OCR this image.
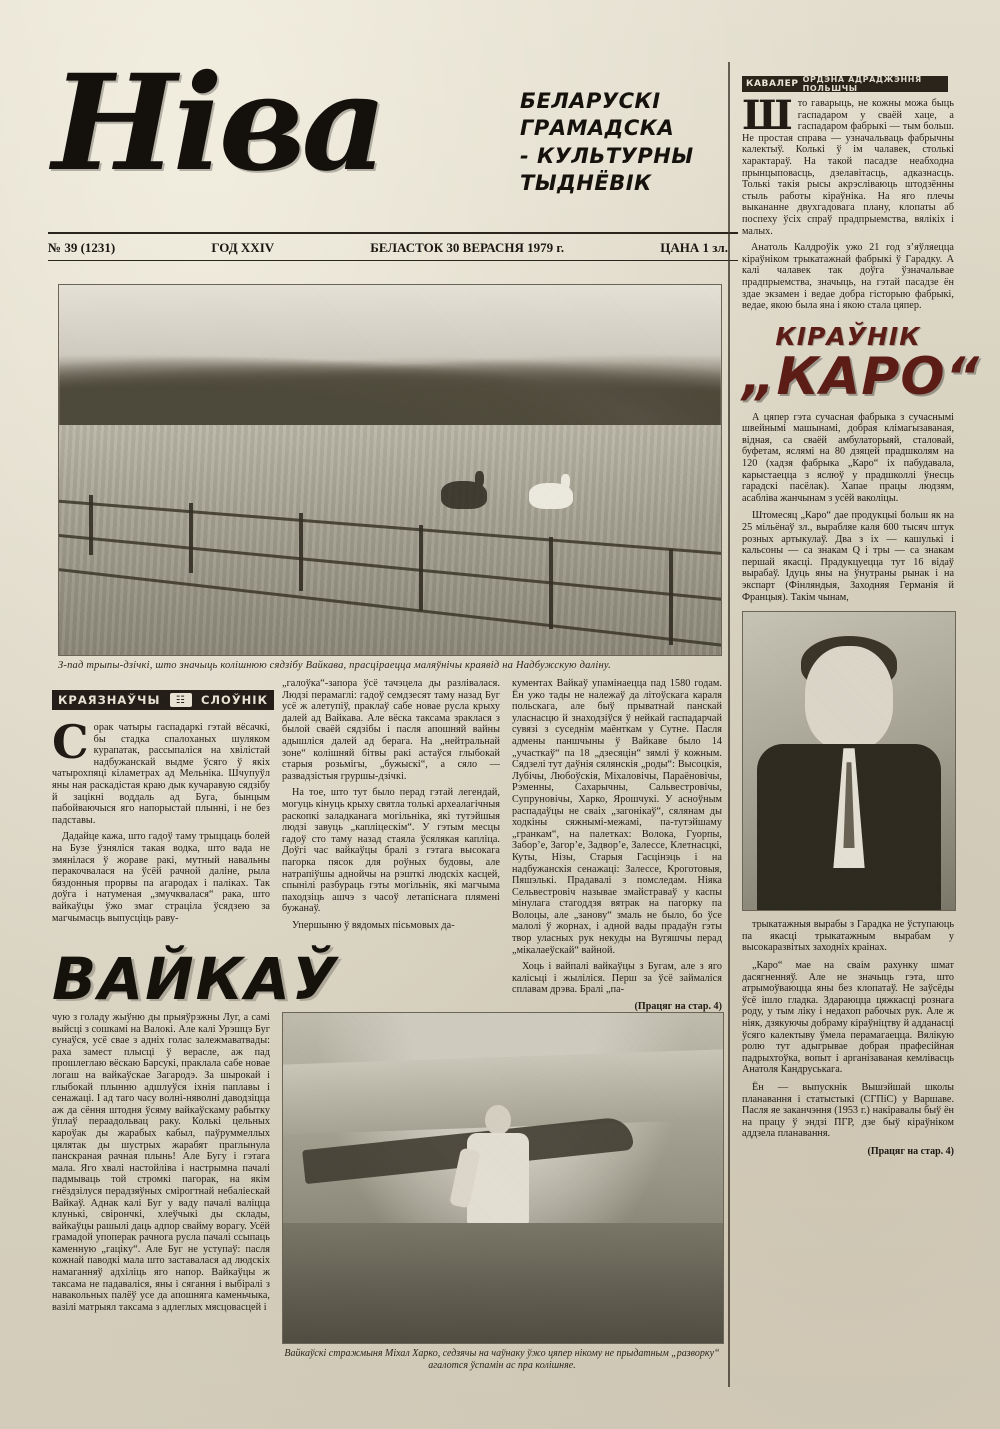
Ніва	БЕЛАРУСКІ
ГРАМАДСКА
- КУЛЬТУРНЫ
ТЫДНЁВІК
№ 39 (1231)	ГОД XXIV	БЕЛАСТОК 30 ВЕРАСНЯ 1979 г.	ЦАНА 1 зл.
З-пад трыпы-дзічкі, што значыць колішнюю сядзібу Вайкава, прасціраецца маляўнічы краявід на Надбужскую даліну.
КРАЯЗНАЎЧЫ	☷	СЛОЎНІК

Сорак чатыры гаспадаркі гэтай вёсачкі, бы стадка спалоханых шуляком курапатак, рассыпаліся на хвілістай надбужанскай выдме ўсяго ў якіх чатырохпяці кіламетрах ад Мельніка. Шчупуўл яны ная раскадістая краю дык кучаравую сядзібу й зацікні воддаль ад Буга, бынцым пабойваючыся яго напорыстай плынні, і не без падставы.

Дадайце кажа, што гадоў таму трыццаць болей на Бузе ўзняліся такая водка, што вада не змянілася ў жораве ракі, мутный навальны перакочвалася на ўсёй рачной даліне, рыла бяздонныя прорвы па агародах і паліках. Так доўга і натуменая „змучквалася“ рака, што вайкаўцы ўжо змаг страціла ўсядзею за магчымасць выпусціць раву-

„галоўка“-запора ўсё тачэцела ды разлівалася. Людзі перамаглі: гадоў семдзесят таму назад Буг усё ж алетупіў, праклаў сабе новае русла крыху далей ад Вайкава. Але вёска таксама зраклася з былой сваёй сядзібы і пасля апошняй вайны адышліся далей ад берага. На „нейтральнай зоне“ колішняй бітвы ракі астаўся глыбокай старыя розьмігы, „бужыскі“, а сяло — развадзістыя груршы-дзічкі.

На тое, што тут было перад гэтай легендай, могуць кінуць крыху святла толькі археалагічныя раскопкі заладканага могільніка, які тутэйшыя людзі завуць „капліцескім“. У гэтым месцы гадоў сто таму назад стаяла ўсялякая капліца. Доўгі час вайкаўцы бралі з гэтага высокага пагорка пясок для роўных будовы, але натрапіўшы аднойчы на рэшткі людскіх касцей, спынілі разбураць гэты могільнік, які магчыма паходзіць ашчэ з часоў летапіснага плямені бужанаў.

Упершыню ў вядомых пісьмовых да-

кументах Вайкаў упамінаецца пад 1580 годам. Ён ужо тады не належаў да літоўскага караля польскага, але быў прыватнай панскай уласнасцю й знаходзіўся ў нейкай гаспадарчай сувязі з суседнім маёнткам у Сутне. Пасля адмены паншчыны ў Вайкаве было 14 „участкаў“ па 18 „дзесяцін“ зямлі ў кожным. Сядзелі тут даўнія сялянскія „роды“: Высоцкія, Лубічы, Любоўскія, Міхаловічы, Параёновічы, Рэменны, Сахарычны, Сальвестровічы, Супруновічы, Харко, Ярошчукі. У асноўным распадаўцы не сваіх „загонікаў“, сялянам ды ходкіны сяжнымі-межамі, па-тутэйшаму „гранкам“, на палетках: Волока, Гуорпы, Забор’е, Загор’е, Задвор’е, Залессе, Клетнасцкі, Куты, Нізы, Старыя Гасцінэць і на надбужанскія сенажаці: Залессе, Кроготовыя, Пяшэлькі. Прадавалі з помследам. Ніяка Сельвестровіч называе змайстраваў у каспы мінулага стагоддзя вятрак на пагорку па Волоцы, але „занову“ змаль не было, бо ўсе малолі ў жорнах, і адной вады прадаўн гэты твор уласных рук некуды на Вугяшчы перад „мікалаеўскай“ вайной.

Хоць і вайпалі вайкаўцы з Бугам, але з яго калісьці і жыліліся. Перш за ўсё займаліся сплавам дрэва. Бралі „па-

(Працяг на стар. 4)
ВАЙКАЎ

чую з голаду жыўню ды прыяўрэжны Луг, а самі выйсці з сошкамі на Валокі. Але калі Урэшцэ Буг сунаўся, усё свае з адніх голас залежмаватвады: раха замест плысці ў верасле, аж пад прошлеглаю вёскаю Барсукі, праклала сабе новае логаш на вайкаўскае Загародэ. За шырокай і глыбокай плынню адшлуўся іхнія паплавы і сенажаці. І ад таго часу волні-няволні даводзіцца аж да сёння штодня ўсяму вайкаўскаму рабытку ўплаў пераадольвац раку. Колькі цельных кароўак ды жарабых кабыл, паўруммеллых цялятак ды шустрых жарабят праглынула панскраная рачная плынь! Але Бугу і гэтага мала. Яго хвалі настойліва і настрымна пачалі падмываць той стромкі пагорак, на якім гнёздзілуся перадзяўных смірогтнай небаліескай Вайкаў. Аднак калі Буг у ваду пачалі валіцца клунькі, свірончкі, хлеўчыкі ды склады, вайкаўцы рашылі даць адпор свайму ворагу. Усёй грамадой упоперак рачнога русла пачалі ссыпаць каменную „гаціку“. Але Буг не уступаў: пасля кожнай паводкі мала што заставалася ад людскіх намаганняў адхіліць яго напор. Вайкаўцы ж таксама не падаваліся, яны і сягання і выбіралі з навакольных палёў усе да апошняга каменьчыка, вазілі матрыял таксама з адлеглых мясцовасцей і

Вайкаўскі стражмыня Міхал Харко, седзячы на чаўнаку ўжо цяпер нікому не прыдатным „разворку“ агалотся ўспамін ас пра колішняе.
КАВАЛЕР ОРДЭНА АДРАДЖЭННЯ ПОЛЬШЧЫ

Што гаварыць, не кожны можа быць гаспадаром у сваёй хаце, а гаспадаром фабрыкі — тым больш. Не простая справа — узначальваць фабрычны калектыў. Колькі ў ім чалавек, столькі характараў. На такой пасадзе неабходна прынцыповасць, дзелавітасць, адказнасць. Толькі такія рысы акрэсліваюць штодзённы стыль работы кіраўніка. На яго плечы выкананне двухгадовага плану, клопаты аб поспеху ўсіх спраў прадпрыемства, вялікіх і малых.

Анатоль Калдроўік ужо 21 год з’яўляецца кіраўніком трыкатажнай фабрыкі ў Гарадку. А калі чалавек так доўга ўзначальвае прадпрыемства, значыць, на гэтай пасадзе ён здае экзамен і ведае добра гісторыю фабрыкі, ведае, якою была яна і якою стала цяпер.

КІРАЎНІК
„КАРО“

А цяпер гэта сучасная фабрыка з сучаснымі швейнымі машынамі, добрая клімагызаваная, відная, са сваёй амбулаторыяй, сталовай, буфетам, яслямі на 80 дзяцей прадшколям на 120 (хадзя фабрыка „Каро“ іх пабудавала, карыстаецца з яслюў у прадшколлі ўнесць гарадскі пасёлак). Хапае працы людзям, асабліва жанчынам з усёй ваколіцы.

Штомесяц „Каро“ дае продукцыі больш як на 25 мільёнаў зл., вырабляе каля 600 тысяч штук розных артыкулаў. Два з іх — кашулькі і кальсоны — са знакам Q і тры — са знакам першай якасці. Прадукцуецца тут 16 відаў вырабаў. Ідуць яны на ўнутраны рынак і на экспарт (Фінляндыя, Заходняя Германія й Францыя). Такім чынам,

трыкатажныя вырабы з Гарадка не ўступаюць па якасці трыкатажным вырабам у высокаразвітых заходніх краінах.

„Каро“ мае на сваім рахунку шмат дасягненняў. Але не значыць гэта, што атрымоўваюцца яны без клопатаў. Не заўсёды ўсё ішло гладка. Здараюцца цяжкасці рознага роду, у тым ліку і недахоп рабочых рук. Але ж ніяк, дзякуючы добраму кіраўніцтву й адданасці ўсяго калектыву ўмела перамагаецца. Вялікую ролю тут адыгрывае добрая прафесійная падрыхтоўка, вопыт і арганізаваная кемлівасць Анатоля Кандруськага.

Ён — выпускнік Вышэйшай школы планавання і статыстыкі (СГПіС) у Варшаве. Пасля яе заканчэння (1953 г.) накіравалы быў ён на працу ў эндзі ПГР, дзе быў кіраўніком аддзела планавання.

(Працяг на стар. 4)
